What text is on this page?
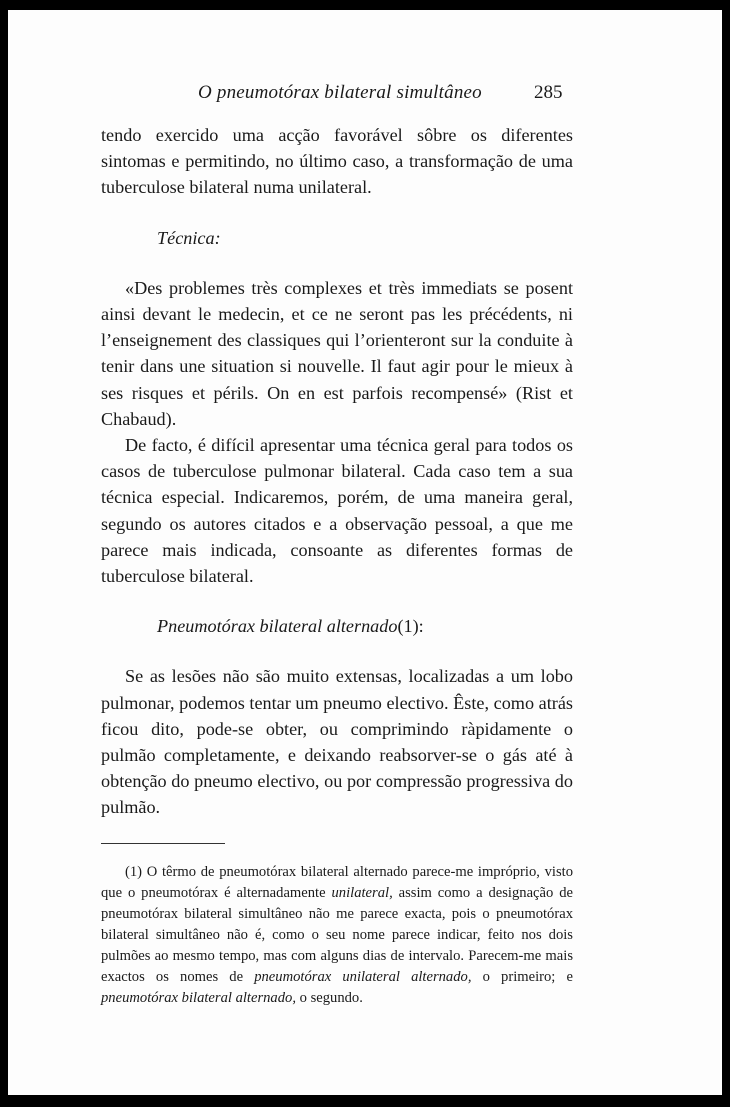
O pneumotórax bilateral simultâneo	285

tendo exercido uma acção favorável sôbre os diferentes sintomas e permitindo, no último caso, a transformação de uma tuberculose bilateral numa unilateral.

Técnica:

«Des problemes très complexes et très immediats se posent ainsi devant le medecin, et ce ne seront pas les précédents, ni l’enseignement des classiques qui l’orienteront sur la conduite à tenir dans une situation si nouvelle. Il faut agir pour le mieux à ses risques et périls. On en est parfois recompensé» (Rist et Chabaud).

De facto, é difícil apresentar uma técnica geral para todos os casos de tuberculose pulmonar bilateral. Cada caso tem a sua técnica especial. Indicaremos, porém, de uma maneira geral, segundo os autores citados e a observação pessoal, a que me parece mais indicada, consoante as diferentes formas de tuberculose bilateral.

Pneumotórax bilateral alternado(1):

Se as lesões não são muito extensas, localizadas a um lobo pulmonar, podemos tentar um pneumo electivo. Êste, como atrás ficou dito, pode-se obter, ou comprimindo ràpidamente o pulmão completamente, e deixando reabsorver-se o gás até à obtenção do pneumo electivo, ou por compressão progressiva do pulmão.

(1) O têrmo de pneumotórax bilateral alternado parece-me impróprio, visto que o pneumotórax é alternadamente unilateral, assim como a designação de pneumotórax bilateral simultâneo não me parece exacta, pois o pneumotórax bilateral simultâneo não é, como o seu nome parece indicar, feito nos dois pulmões ao mesmo tempo, mas com alguns dias de intervalo. Parecem-me mais exactos os nomes de pneumotórax unilateral alternado, o primeiro; e pneumotórax bilateral alternado, o segundo.
